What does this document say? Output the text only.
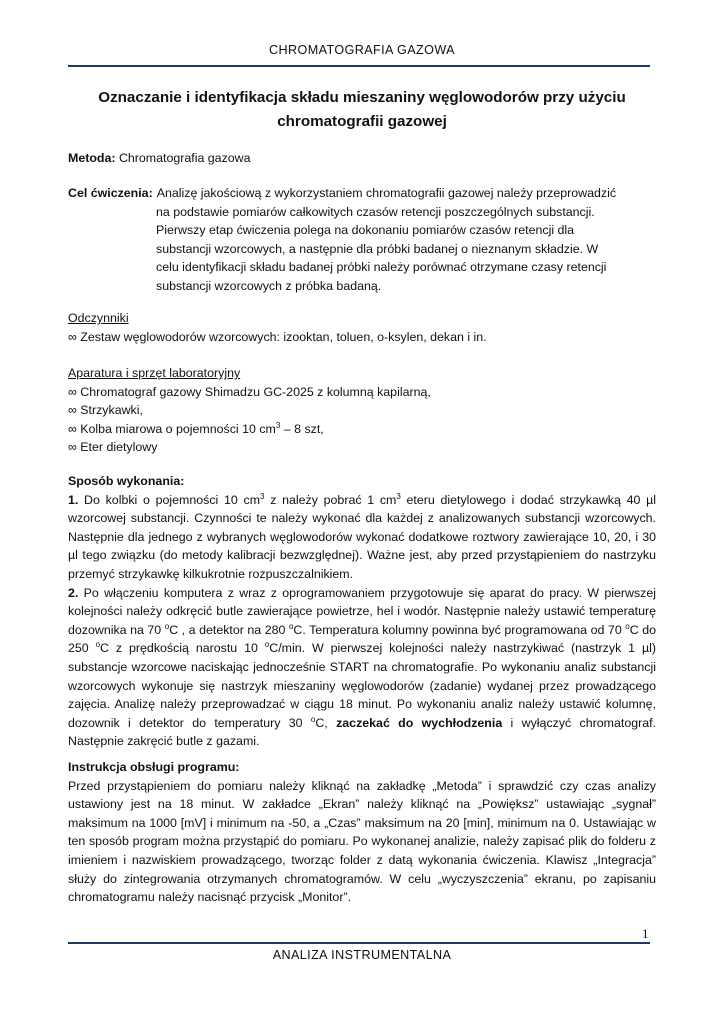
CHROMATOGRAFIA GAZOWA
Oznaczanie i identyfikacja składu mieszaniny węglowodorów przy użyciu chromatografii gazowej
Metoda: Chromatografia gazowa
Cel ćwiczenia: Analizę jakościową z wykorzystaniem chromatografii gazowej należy przeprowadzić
na podstawie pomiarów całkowitych czasów retencji poszczególnych substancji.
Pierwszy etap ćwiczenia polega na dokonaniu pomiarów czasów retencji dla
substancji wzorcowych, a następnie dla próbki badanej o nieznanym składzie. W
celu identyfikacji składu badanej próbki należy porównać otrzymane czasy retencji
substancji wzorcowych z próbka badaną.
Odczynniki
∞ Zestaw węglowodorów wzorcowych: izooktan, toluen, o-ksylen, dekan i in.
Aparatura i sprzęt laboratoryjny
∞ Chromatograf gazowy Shimadzu GC-2025 z kolumną kapilarną,
∞ Strzykawki,
∞ Kolba miarowa o pojemności 10 $cm^3 - 8$ szt,
∞ Eter dietylowy
Sposób wykonania:
1. Do kolbki o pojemności 10 $cm^3$ z należy pobrać 1 $cm^3$ eteru dietylowego i dodać strzykawką 40 µl wzorcowej substancji. Czynności te należy wykonać dla każdej z analizowanych substancji wzorcowych. Następnie dla jednego z wybranych węglowodorów wykonać dodatkowe roztwory zawierające 10, 20, i 30 µl tego związku (do metody kalibracji bezwzględnej). Ważne jest, aby przed przystąpieniem do nastrzyku przemyć strzykawkę kilkukrotnie rozpuszczalnikiem.
2. Po włączeniu komputera z wraz z oprogramowaniem przygotowuje się aparat do pracy. W pierwszej kolejności należy odkręcić butle zawierające powietrze, hel i wodór. Następnie należy ustawić temperaturę dozownika na 70 $^o$C , a detektor na 280 $^o$C. Temperatura kolumny powinna być programowana od 70 $^o$C do 250 $^o$C z prędkością narostu 10 $^o$C/min. W pierwszej kolejności należy nastrzykiwać (nastrzyk 1 µl) substancje wzorcowe naciskając jednocześnie START na chromatografie. Po wykonaniu analiz substancji wzorcowych wykonuje się nastrzyk mieszaniny węglowodorów (zadanie) wydanej przez prowadzącego zajęcia. Analizę należy przeprowadzać w ciągu 18 minut. Po wykonaniu analiz należy ustawić kolumnę, dozownik i detektor do temperatury 30 $^o$C, zaczekać do wychłodzenia i wyłączyć chromatograf. Następnie zakręcić butle z gazami.
Instrukcja obsługi programu:
Przed przystąpieniem do pomiaru należy kliknąć na zakładkę „Metoda” i sprawdzić czy czas analizy ustawiony jest na 18 minut. W zakładce „Ekran” należy kliknąć na „Powiększ” ustawiając „sygnał” maksimum na 1000 [mV] i minimum na -50, a „Czas” maksimum na 20 [min], minimum na 0. Ustawiając w ten sposób program można przystąpić do pomiaru. Po wykonanej analizie, należy zapisać plik do folderu z imieniem i nazwiskiem prowadzącego, tworząc folder z datą wykonania ćwiczenia. Klawisz „Integracja” służy do zintegrowania otrzymanych chromatogramów. W celu „wyczyszczenia” ekranu, po zapisaniu chromatogramu należy nacisnąć przycisk „Monitor”.
1
ANALIZA INSTRUMENTALNA
